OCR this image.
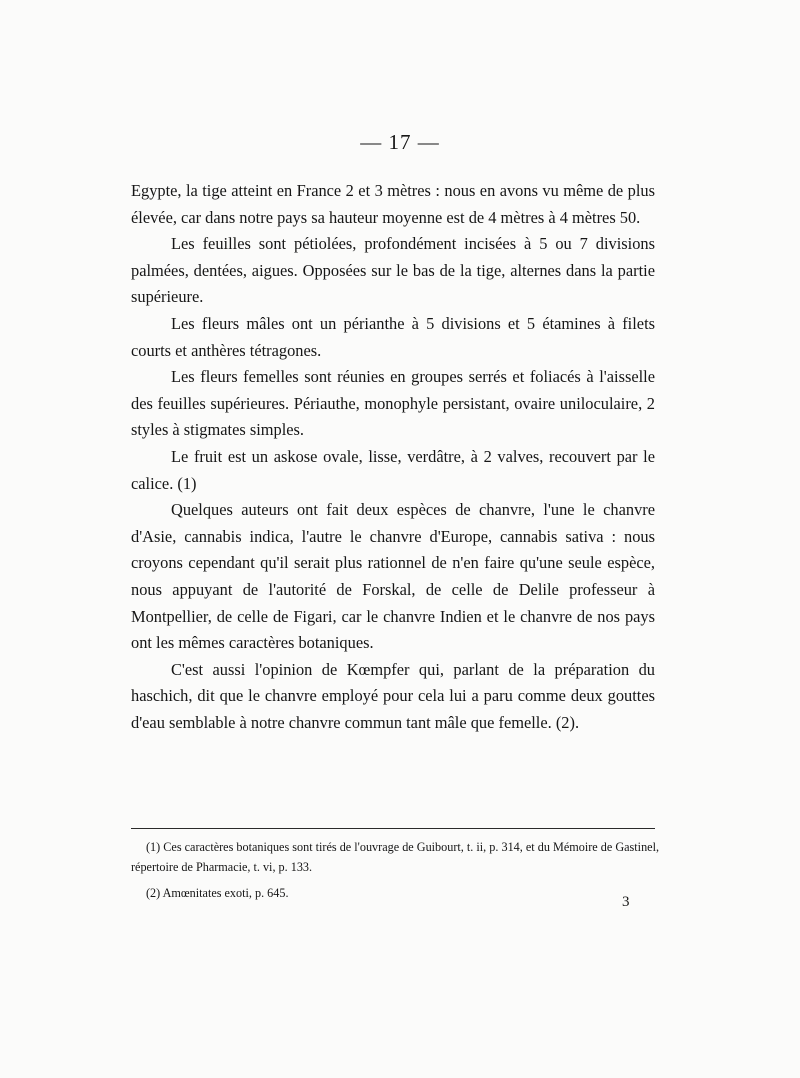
— 17 —

Egypte, la tige atteint en France 2 et 3 mètres : nous en avons vu même de plus élevée, car dans notre pays sa hauteur moyenne est de 4 mètres à 4 mètres 50.

Les feuilles sont pétiolées, profondément incisées à 5 ou 7 divisions palmées, dentées, aigues. Opposées sur le bas de la tige, alternes dans la partie supérieure.

Les fleurs mâles ont un périanthe à 5 divisions et 5 étamines à filets courts et anthères tétragones.

Les fleurs femelles sont réunies en groupes serrés et foliacés à l'aisselle des feuilles supérieures. Périauthe, monophyle persistant, ovaire uniloculaire, 2 styles à stigmates simples.

Le fruit est un askose ovale, lisse, verdâtre, à 2 valves, recouvert par le calice. (1)

Quelques auteurs ont fait deux espèces de chanvre, l'une le chanvre d'Asie, cannabis indica, l'autre le chanvre d'Europe, cannabis sativa : nous croyons cependant qu'il serait plus rationnel de n'en faire qu'une seule espèce, nous appuyant de l'autorité de Forskal, de celle de Delile professeur à Montpellier, de celle de Figari, car le chanvre Indien et le chanvre de nos pays ont les mêmes caractères botaniques.

C'est aussi l'opinion de Kœmpfer qui, parlant de la préparation du haschich, dit que le chanvre employé pour cela lui a paru comme deux gouttes d'eau semblable à notre chanvre commun tant mâle que femelle. (2).

(1) Ces caractères botaniques sont tirés de l'ouvrage de Guibourt, t. ii, p. 314, et du Mémoire de Gastinel, répertoire de Pharmacie, t. vi, p. 133.

(2) Amœnitates exoti, p. 645.

3
